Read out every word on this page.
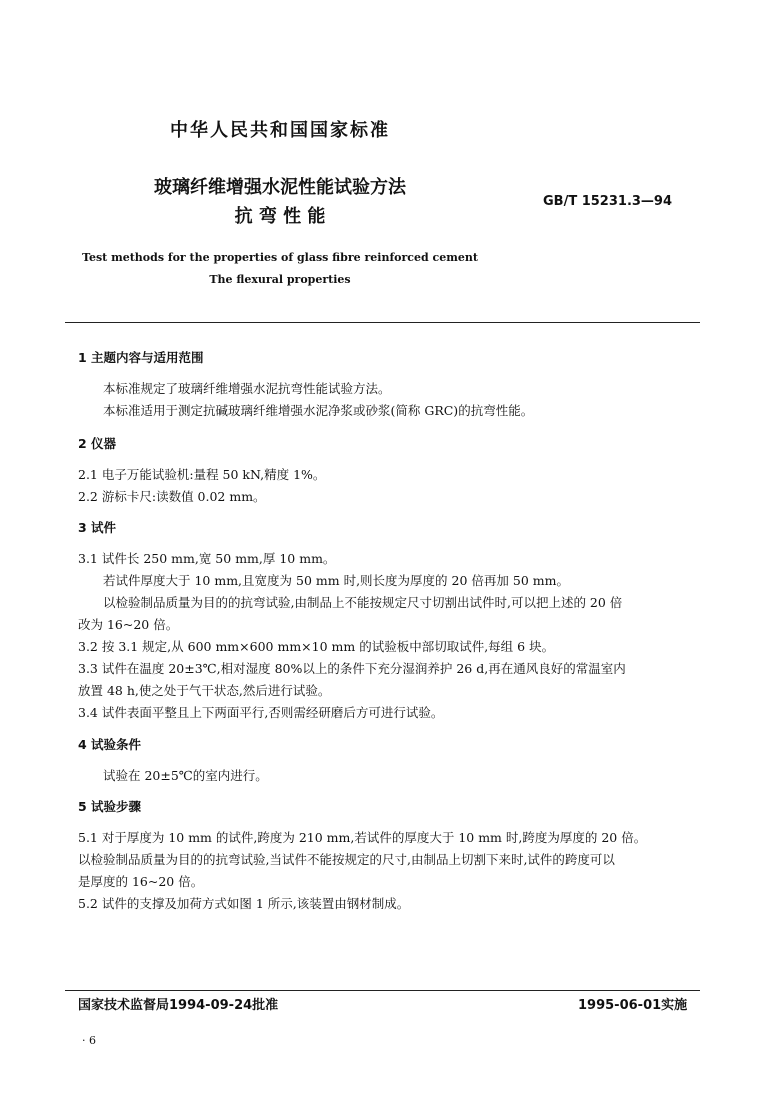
中华人民共和国国家标准
玻璃纤维增强水泥性能试验方法
抗 弯 性 能
GB/T 15231.3—94
Test methods for the properties of glass fibre reinforced cement
The flexural properties
1 主题内容与适用范围
本标准规定了玻璃纤维增强水泥抗弯性能试验方法。
本标准适用于测定抗碱玻璃纤维增强水泥净浆或砂浆(简称 GRC)的抗弯性能。
2 仪器
2.1 电子万能试验机:量程 50 kN,精度 1%。
2.2 游标卡尺:读数值 0.02 mm。
3 试件
3.1 试件长 250 mm,宽 50 mm,厚 10 mm。
若试件厚度大于 10 mm,且宽度为 50 mm 时,则长度为厚度的 20 倍再加 50 mm。
以检验制品质量为目的的抗弯试验,由制品上不能按规定尺寸切割出试件时,可以把上述的 20 倍
改为 16~20 倍。
3.2 按 3.1 规定,从 600 mm×600 mm×10 mm 的试验板中部切取试件,每组 6 块。
3.3 试件在温度 20±3℃,相对湿度 80%以上的条件下充分湿润养护 26 d,再在通风良好的常温室内
放置 48 h,使之处于气干状态,然后进行试验。
3.4 试件表面平整且上下两面平行,否则需经研磨后方可进行试验。
4 试验条件
试验在 20±5℃的室内进行。
5 试验步骤
5.1 对于厚度为 10 mm 的试件,跨度为 210 mm,若试件的厚度大于 10 mm 时,跨度为厚度的 20 倍。
以检验制品质量为目的的抗弯试验,当试件不能按规定的尺寸,由制品上切割下来时,试件的跨度可以
是厚度的 16~20 倍。
5.2 试件的支撑及加荷方式如图 1 所示,该装置由钢材制成。
国家技术监督局1994-09-24批准	1995-06-01实施
· 6
